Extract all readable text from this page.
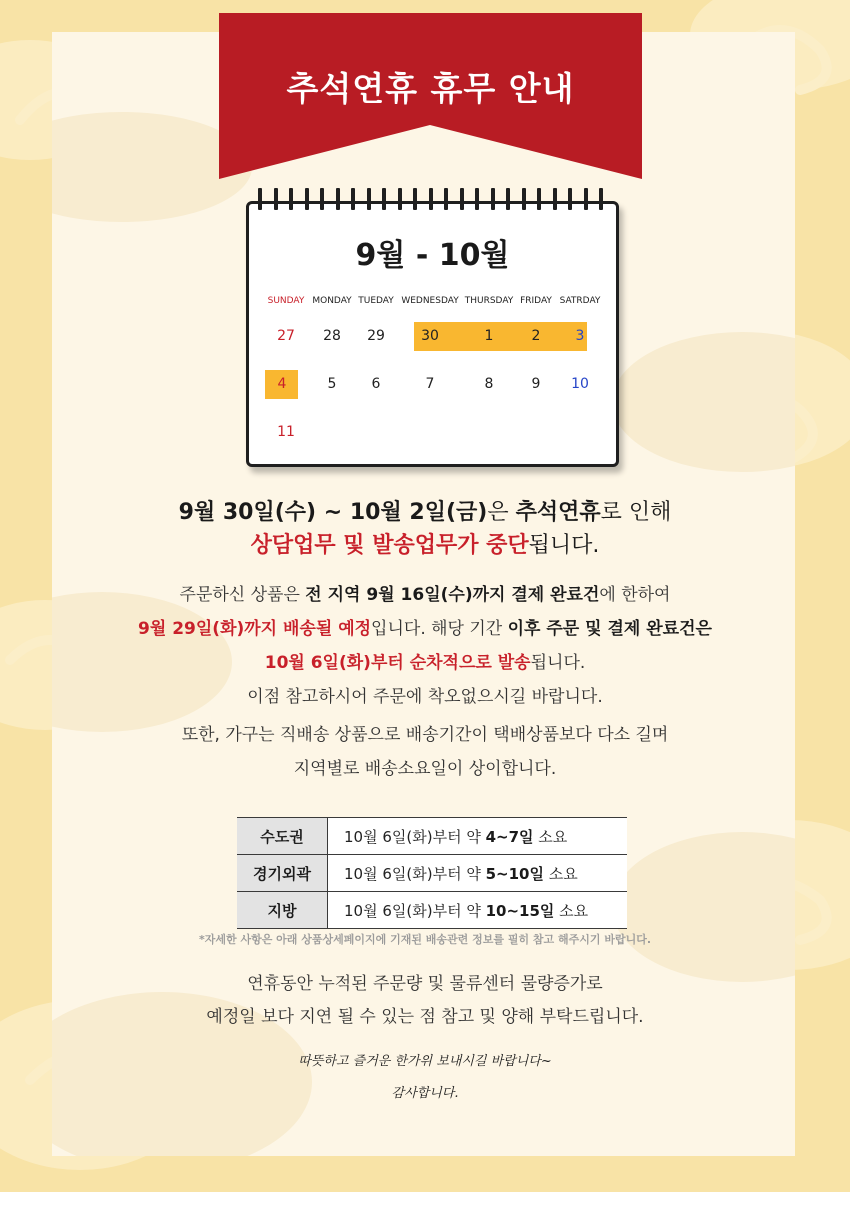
추석연휴 휴무 안내
9월 - 10월
SUNDAY MONDAY TUEDAY WEDNESDAY THURSDAY FRIDAY SATRDAY
27 28 29	30	1	2	3
4	5	6	7	8	9 10
11
9월 30일(수) ~ 10월 2일(금)은 추석연휴로 인해
상담업무 및 발송업무가 중단됩니다.
주문하신 상품은 전 지역 9월 16일(수)까지 결제 완료건에 한하여
9월 29일(화)까지 배송될 예정입니다. 해당 기간 이후 주문 및 결제 완료건은
10월 6일(화)부터 순차적으로 발송됩니다.
이점 참고하시어 주문에 착오없으시길 바랍니다.
또한, 가구는 직배송 상품으로 배송기간이 택배상품보다 다소 길며
지역별로 배송소요일이 상이합니다.
수도권	10월 6일(화)부터 약 4~7일 소요
경기외곽	10월 6일(화)부터 약 5~10일 소요
지방	10월 6일(화)부터 약 10~15일 소요
*자세한 사항은 아래 상품상세페이지에 기재된 배송관련 정보를 필히 참고 해주시기 바랍니다.
연휴동안 누적된 주문량 및 물류센터 물량증가로
예정일 보다 지연 될 수 있는 점 참고 및 양해 부탁드립니다.
따뜻하고 즐거운 한가위 보내시길 바랍니다~
감사합니다.
